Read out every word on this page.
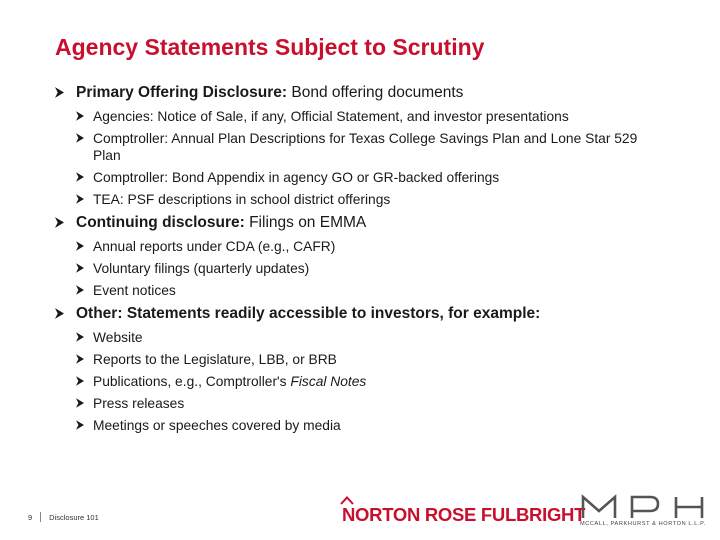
Agency Statements Subject to Scrutiny
Primary Offering Disclosure: Bond offering documents
Agencies: Notice of Sale, if any, Official Statement, and investor presentations
Comptroller: Annual Plan Descriptions for Texas College Savings Plan and Lone Star 529 Plan
Comptroller: Bond Appendix in agency GO or GR-backed offerings
TEA: PSF descriptions in school district offerings
Continuing disclosure: Filings on EMMA
Annual reports under CDA (e.g., CAFR)
Voluntary filings (quarterly updates)
Event notices
Other: Statements readily accessible to investors, for example:
Website
Reports to the Legislature, LBB, or BRB
Publications, e.g., Comptroller's Fiscal Notes
Press releases
Meetings or speeches covered by media
9 Disclosure 101	NORTON ROSE FULBRIGHT
MCCALL, PARKHURST & HORTON L.L.P.
